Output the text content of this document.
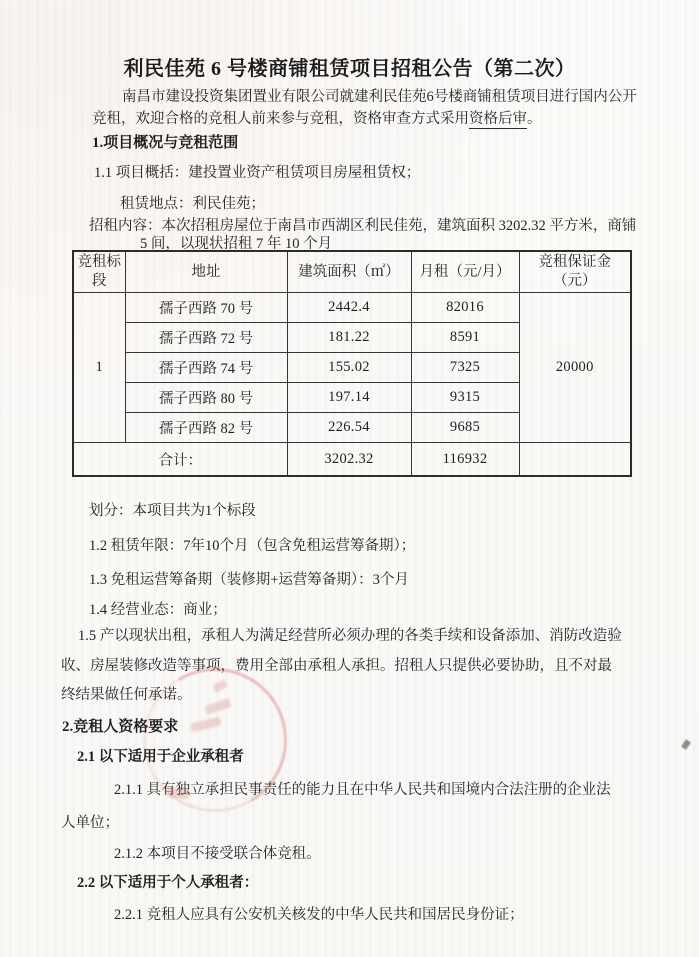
利民佳苑 6 号楼商铺租赁项目招租公告（第二次）
南昌市建设投资集团置业有限公司就建利民佳苑6号楼商铺租赁项目进行国内公开
竞租，欢迎合格的竞租人前来参与竞租，资格审查方式采用资格后审。
1.项目概况与竞租范围
1.1 项目概括：建投置业资产租赁项目房屋租赁权；
租赁地点：利民佳苑；
招租内容：本次招租房屋位于南昌市西湖区利民佳苑，建筑面积 3202.32 平方米，商铺
5 间，以现状招租 7 年 10 个月
竞租标段	地址	建筑面积（㎡）	月租（元/月）	竞租保证金（元）
1	孺子西路 70 号	2442.4	82016	20000
	孺子西路 72 号	181.22	8591	
	孺子西路 74 号	155.02	7325	
	孺子西路 80 号	197.14	9315	
	孺子西路 82 号	226.54	9685	
合计：		3202.32	116932	
划分：本项目共为1个标段
1.2 租赁年限：7年10个月（包含免租运营筹备期）；
1.3 免租运营筹备期（装修期+运营筹备期）：3个月
1.4 经营业态：商业；
1.5 产以现状出租，承租人为满足经营所必须办理的各类手续和设备添加、消防改造验
收、房屋装修改造等事项，费用全部由承租人承担。招租人只提供必要协助，且不对最
终结果做任何承诺。
2.竞租人资格要求
2.1 以下适用于企业承租者
2.1.1 具有独立承担民事责任的能力且在中华人民共和国境内合法注册的企业法
人单位；
2.1.2 本项目不接受联合体竞租。
2.2 以下适用于个人承租者：
2.2.1 竞租人应具有公安机关核发的中华人民共和国居民身份证；
